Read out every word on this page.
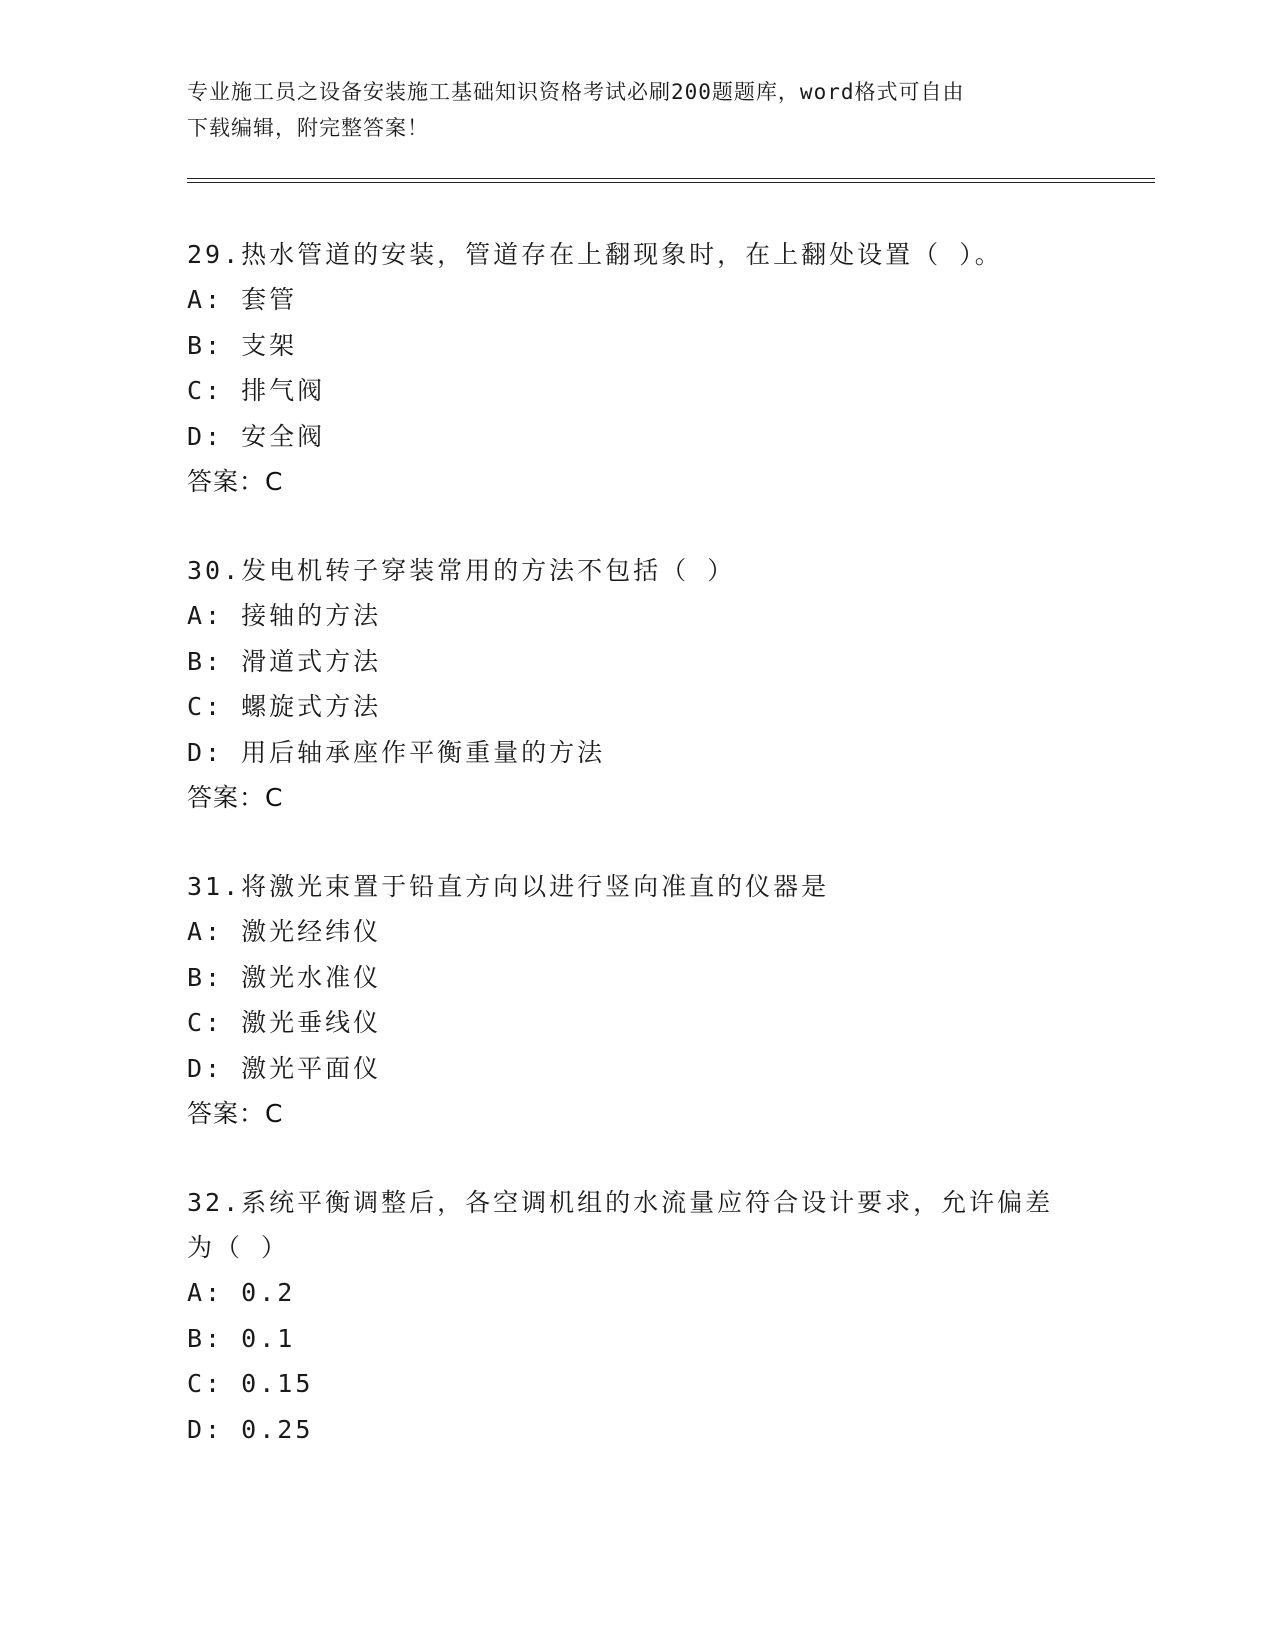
专业施工员之设备安装施工基础知识资格考试必刷200题题库，word格式可自由
下载编辑，附完整答案！

29.热水管道的安装，管道存在上翻现象时，在上翻处设置（ ）。

A: 套管

B: 支架

C: 排气阀

D: 安全阀

答案：C

30.发电机转子穿装常用的方法不包括（ ）

A: 接轴的方法

B: 滑道式方法

C: 螺旋式方法

D: 用后轴承座作平衡重量的方法

答案：C

31.将激光束置于铅直方向以进行竖向准直的仪器是

A: 激光经纬仪

B: 激光水准仪

C: 激光垂线仪

D: 激光平面仪

答案：C

32.系统平衡调整后，各空调机组的水流量应符合设计要求，允许偏差

为（ ）

A: 0.2

B: 0.1

C: 0.15

D: 0.25
